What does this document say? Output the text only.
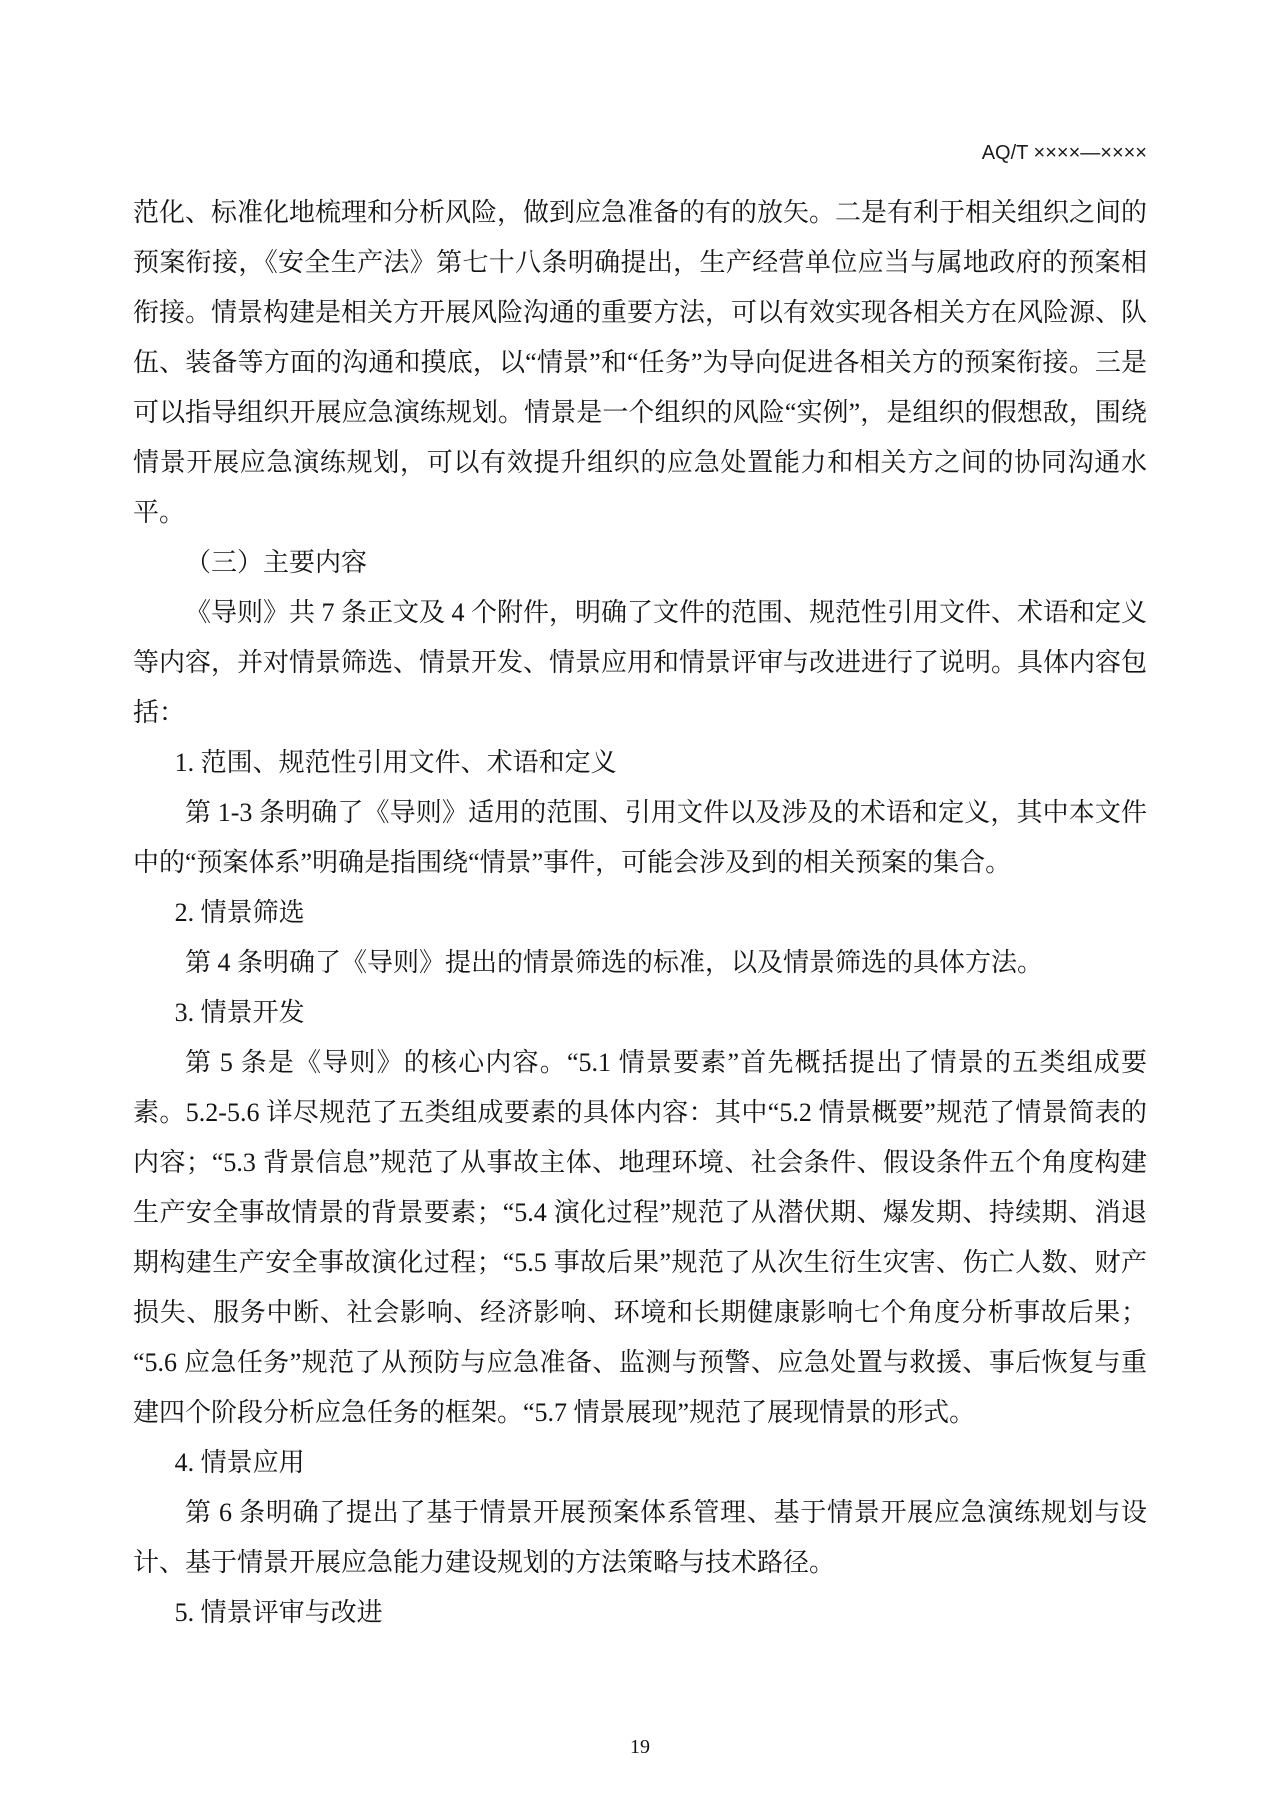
AQ/T ××××—××××

范化、标准化地梳理和分析风险，做到应急准备的有的放矢。二是有利于相关组织之间的预案衔接，《安全生产法》第七十八条明确提出，生产经营单位应当与属地政府的预案相衔接。情景构建是相关方开展风险沟通的重要方法，可以有效实现各相关方在风险源、队伍、装备等方面的沟通和摸底，以“情景”和“任务”为导向促进各相关方的预案衔接。三是可以指导组织开展应急演练规划。情景是一个组织的风险“实例”，是组织的假想敌，围绕情景开展应急演练规划，可以有效提升组织的应急处置能力和相关方之间的协同沟通水平。

（三）主要内容

《导则》共 7 条正文及 4 个附件，明确了文件的范围、规范性引用文件、术语和定义等内容，并对情景筛选、情景开发、情景应用和情景评审与改进进行了说明。具体内容包括：

1. 范围、规范性引用文件、术语和定义

第 1-3 条明确了《导则》适用的范围、引用文件以及涉及的术语和定义，其中本文件中的“预案体系”明确是指围绕“情景”事件，可能会涉及到的相关预案的集合。

2. 情景筛选

第 4 条明确了《导则》提出的情景筛选的标准，以及情景筛选的具体方法。

3. 情景开发

第 5 条是《导则》的核心内容。“5.1 情景要素”首先概括提出了情景的五类组成要素。5.2-5.6 详尽规范了五类组成要素的具体内容：其中“5.2 情景概要”规范了情景简表的内容；“5.3 背景信息”规范了从事故主体、地理环境、社会条件、假设条件五个角度构建生产安全事故情景的背景要素；“5.4 演化过程”规范了从潜伏期、爆发期、持续期、消退期构建生产安全事故演化过程；“5.5 事故后果”规范了从次生衍生灾害、伤亡人数、财产损失、服务中断、社会影响、经济影响、环境和长期健康影响七个角度分析事故后果；“5.6 应急任务”规范了从预防与应急准备、监测与预警、应急处置与救援、事后恢复与重建四个阶段分析应急任务的框架。“5.7 情景展现”规范了展现情景的形式。

4. 情景应用

第 6 条明确了提出了基于情景开展预案体系管理、基于情景开展应急演练规划与设计、基于情景开展应急能力建设规划的方法策略与技术路径。

5. 情景评审与改进

19
